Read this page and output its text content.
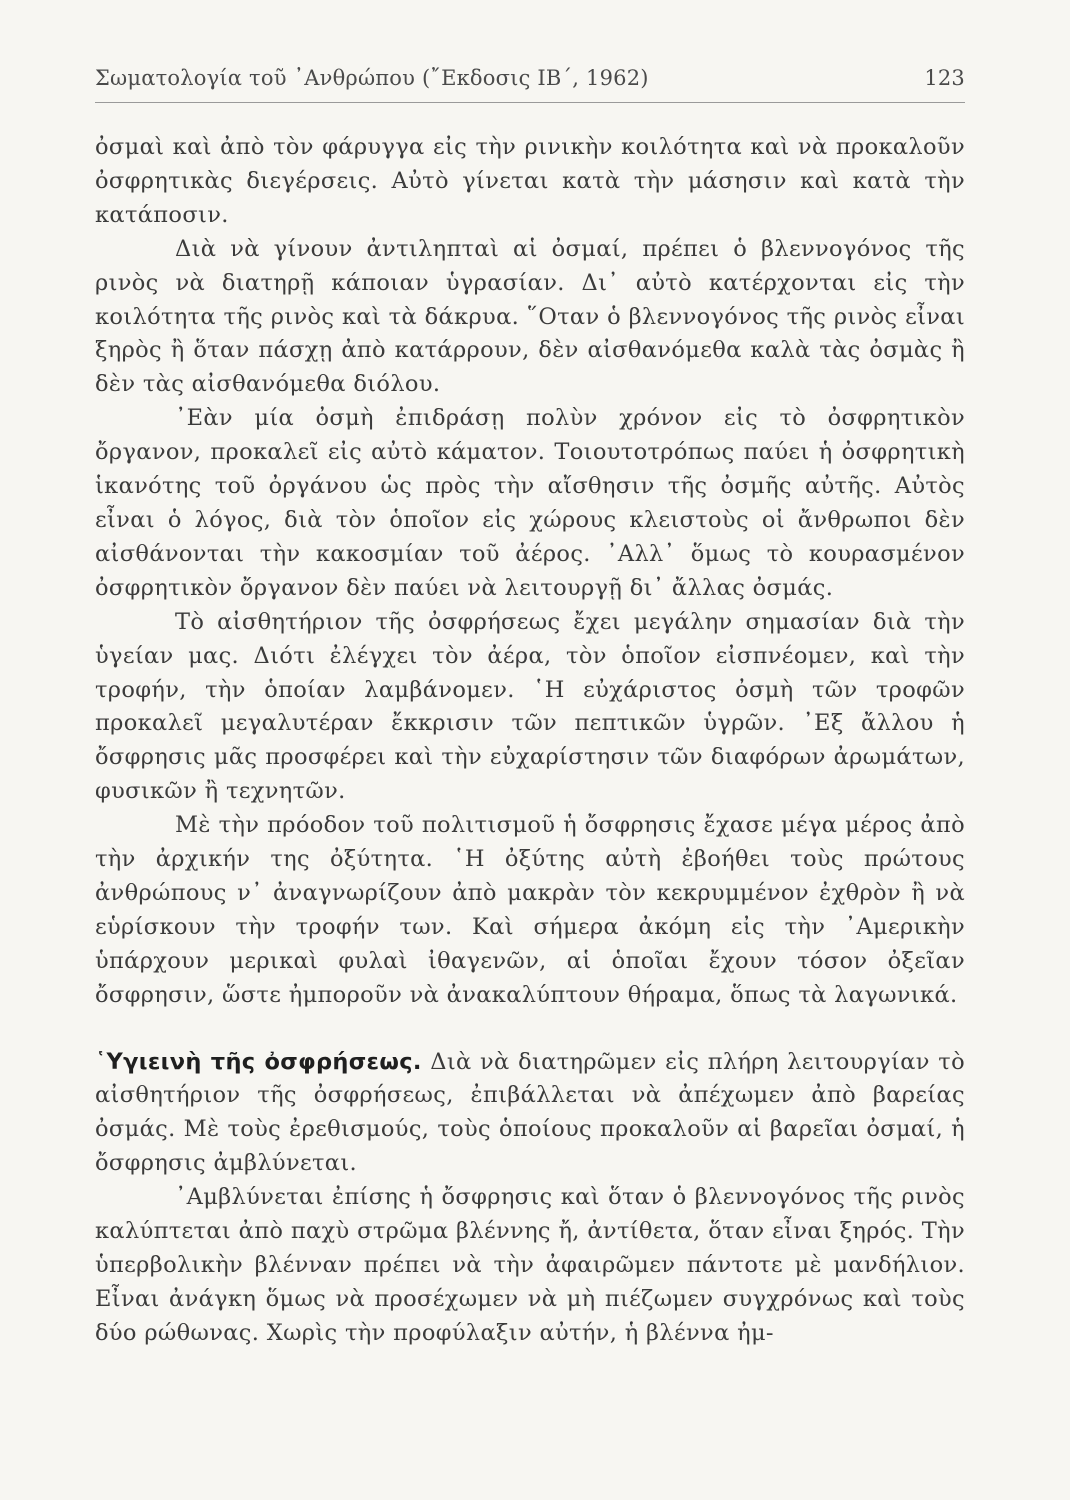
Σωματολογία τοῦ ᾿Ανθρώπου (῎Εκδοσις ΙΒ΄, 1962)	123

ὀσμαὶ καὶ ἀπὸ τὸν φάρυγγα εἰς τὴν ρινικὴν κοιλότητα καὶ νὰ προκαλοῦν ὀσφρητικὰς διεγέρσεις. Αὐτὸ γίνεται κατὰ τὴν μάσησιν καὶ κατὰ τὴν κατάποσιν.

Διὰ νὰ γίνουν ἀντιληπταὶ αἱ ὀσμαί, πρέπει ὁ βλεννογόνος τῆς ρινὸς νὰ διατηρῇ κάποιαν ὑγρασίαν. Δι᾿ αὐτὸ κατέρχονται εἰς τὴν κοιλότητα τῆς ρινὸς καὶ τὰ δάκρυα. ῞Οταν ὁ βλεννογόνος τῆς ρινὸς εἶναι ξηρὸς ἢ ὅταν πάσχῃ ἀπὸ κατάρρουν, δὲν αἰσθανόμεθα καλὰ τὰς ὀσμὰς ἢ δὲν τὰς αἰσθανόμεθα διόλου.

᾿Εὰν μία ὀσμὴ ἐπιδράσῃ πολὺν χρόνον εἰς τὸ ὀσφρητικὸν ὄργανον, προκαλεῖ εἰς αὐτὸ κάματον. Τοιουτοτρόπως παύει ἡ ὀσφρητικὴ ἱκανότης τοῦ ὀργάνου ὡς πρὸς τὴν αἴσθησιν τῆς ὀσμῆς αὐτῆς. Αὐτὸς εἶναι ὁ λόγος, διὰ τὸν ὁποῖον εἰς χώρους κλειστοὺς οἱ ἄνθρωποι δὲν αἰσθάνονται τὴν κακοσμίαν τοῦ ἀέρος. ᾿Αλλ᾿ ὅμως τὸ κουρασμένον ὀσφρητικὸν ὄργανον δὲν παύει νὰ λειτουργῇ δι᾿ ἄλλας ὀσμάς.

Τὸ αἰσθητήριον τῆς ὀσφρήσεως ἔχει μεγάλην σημασίαν διὰ τὴν ὑγείαν μας. Διότι ἐλέγχει τὸν ἀέρα, τὸν ὁποῖον εἰσπνέομεν, καὶ τὴν τροφήν, τὴν ὁποίαν λαμβάνομεν. ῾Η εὐχάριστος ὀσμὴ τῶν τροφῶν προκαλεῖ μεγαλυτέραν ἔκκρισιν τῶν πεπτικῶν ὑγρῶν. ᾿Εξ ἄλλου ἡ ὄσφρησις μᾶς προσφέρει καὶ τὴν εὐχαρίστησιν τῶν διαφόρων ἀρωμάτων, φυσικῶν ἢ τεχνητῶν.

Μὲ τὴν πρόοδον τοῦ πολιτισμοῦ ἡ ὄσφρησις ἔχασε μέγα μέρος ἀπὸ τὴν ἀρχικήν της ὀξύτητα. ῾Η ὀξύτης αὐτὴ ἐβοήθει τοὺς πρώτους ἀνθρώπους ν᾿ ἀναγνωρίζουν ἀπὸ μακρὰν τὸν κεκρυμμένον ἐχθρὸν ἢ νὰ εὑρίσκουν τὴν τροφήν των. Καὶ σήμερα ἀκόμη εἰς τὴν ᾿Αμερικὴν ὑπάρχουν μερικαὶ φυλαὶ ἰθαγενῶν, αἱ ὁποῖαι ἔχουν τόσον ὀξεῖαν ὄσφρησιν, ὥστε ἠμποροῦν νὰ ἀνακαλύπτουν θήραμα, ὅπως τὰ λαγωνικά.

῾Υγιεινὴ τῆς ὀσφρήσεως. Διὰ νὰ διατηρῶμεν εἰς πλήρη λειτουργίαν τὸ αἰσθητήριον τῆς ὀσφρήσεως, ἐπιβάλλεται νὰ ἀπέχωμεν ἀπὸ βαρείας ὀσμάς. Μὲ τοὺς ἐρεθισμούς, τοὺς ὁποίους προκαλοῦν αἱ βαρεῖαι ὀσμαί, ἡ ὄσφρησις ἀμβλύνεται.

᾿Αμβλύνεται ἐπίσης ἡ ὄσφρησις καὶ ὅταν ὁ βλεννογόνος τῆς ρινὸς καλύπτεται ἀπὸ παχὺ στρῶμα βλέννης ἤ, ἀντίθετα, ὅταν εἶναι ξηρός. Τὴν ὑπερβολικὴν βλένναν πρέπει νὰ τὴν ἀφαιρῶμεν πάντοτε μὲ μανδήλιον. Εἶναι ἀνάγκη ὅμως νὰ προσέχωμεν νὰ μὴ πιέζωμεν συγχρόνως καὶ τοὺς δύο ρώθωνας. Χωρὶς τὴν προφύλαξιν αὐτήν, ἡ βλέννα ἠμ-
